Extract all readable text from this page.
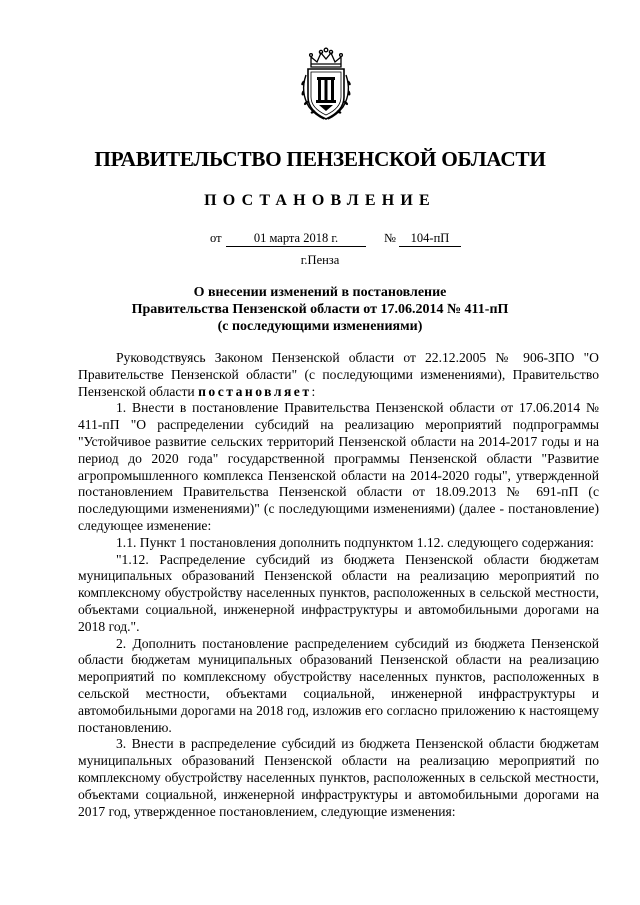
ПРАВИТЕЛЬСТВО ПЕНЗЕНСКОЙ ОБЛАСТИ
ПОСТАНОВЛЕНИЕ
от	01 марта 2018 г.	№	104-пП
г.Пенза
О внесении изменений в постановление
Правительства Пензенской области от 17.06.2014 № 411-пП
(с последующими изменениями)

Руководствуясь Законом Пензенской области от 22.12.2005 № 906-ЗПО "О Правительстве Пензенской области" (с последующими изменениями), Правительство Пензенской области постановляет:

1. Внести в постановление Правительства Пензенской области от 17.06.2014 № 411-пП "О распределении субсидий на реализацию мероприятий подпрограммы "Устойчивое развитие сельских территорий Пензенской области на 2014-2017 годы и на период до 2020 года" государственной программы Пензенской области "Развитие агропромышленного комплекса Пензенской области на 2014-2020 годы", утвержденной постановлением Правительства Пензенской области от 18.09.2013 № 691-пП (с последующими изменениями)" (с последующими изменениями) (далее - постановление) следующее изменение:

1.1. Пункт 1 постановления дополнить подпунктом 1.12. следующего содержания:

"1.12. Распределение субсидий из бюджета Пензенской области бюджетам муниципальных образований Пензенской области на реализацию мероприятий по комплексному обустройству населенных пунктов, расположенных в сельской местности, объектами социальной, инженерной инфраструктуры и автомобильными дорогами на 2018 год.".

2. Дополнить постановление распределением субсидий из бюджета Пензенской области бюджетам муниципальных образований Пензенской области на реализацию мероприятий по комплексному обустройству населенных пунктов, расположенных в сельской местности, объектами социальной, инженерной инфраструктуры и автомобильными дорогами на 2018 год, изложив его согласно приложению к настоящему постановлению.

3. Внести в распределение субсидий из бюджета Пензенской области бюджетам муниципальных образований Пензенской области на реализацию мероприятий по комплексному обустройству населенных пунктов, расположенных в сельской местности, объектами социальной, инженерной инфраструктуры и автомобильными дорогами на 2017 год, утвержденное постановлением, следующие изменения:
